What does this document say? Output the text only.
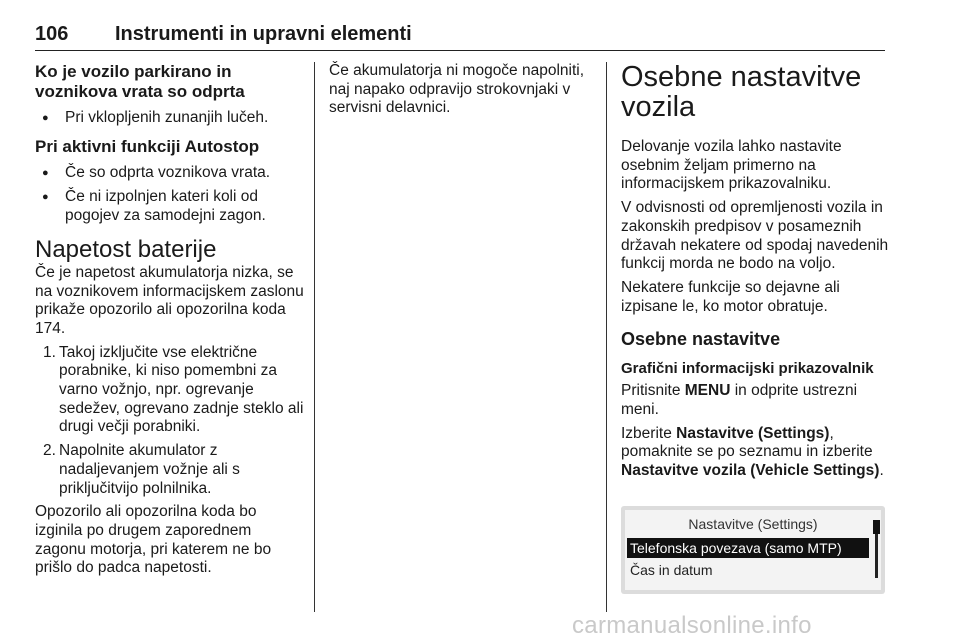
106 Instrumenti in upravni elementi
Ko je vozilo parkirano in voznikova vrata so odprta
● Pri vklopljenih zunanjih lučeh.
Pri aktivni funkciji Autostop
● Če so odprta voznikova vrata.
● Če ni izpolnjen kateri koli od pogojev za samodejni zagon.
Napetost baterije

Če je napetost akumulatorja nizka, se na voznikovem informacijskem zaslonu prikaže opozorilo ali opozorilna koda 174.

1. Takoj izključite vse električne porabnike, ki niso pomembni za varno vožnjo, npr. ogrevanje sedežev, ogrevano zadnje steklo ali drugi večji porabniki.
2. Napolnite akumulator z nadaljevanjem vožnje ali s priključitvijo polnilnika.

Opozorilo ali opozorilna koda bo izginila po drugem zaporednem zagonu motorja, pri katerem ne bo prišlo do padca napetosti.

Če akumulatorja ni mogoče napolniti, naj napako odpravijo strokovnjaki v servisni delavnici.

Osebne nastavitve vozila

Delovanje vozila lahko nastavite osebnim željam primerno na informacijskem prikazovalniku.

V odvisnosti od opremljenosti vozila in zakonskih predpisov v posameznih državah nekatere od spodaj navedenih funkcij morda ne bodo na voljo.

Nekatere funkcije so dejavne ali izpisane le, ko motor obratuje.

Osebne nastavitve
Grafični informacijski prikazovalnik

Pritisnite MENU in odprite ustrezni meni.

Izberite Nastavitve (Settings), pomaknite se po seznamu in izberite Nastavitve vozila (Vehicle Settings).

Nastavitve (Settings)
Telefonska povezava (samo MTP)
Čas in datum
carmanualsonline.info
